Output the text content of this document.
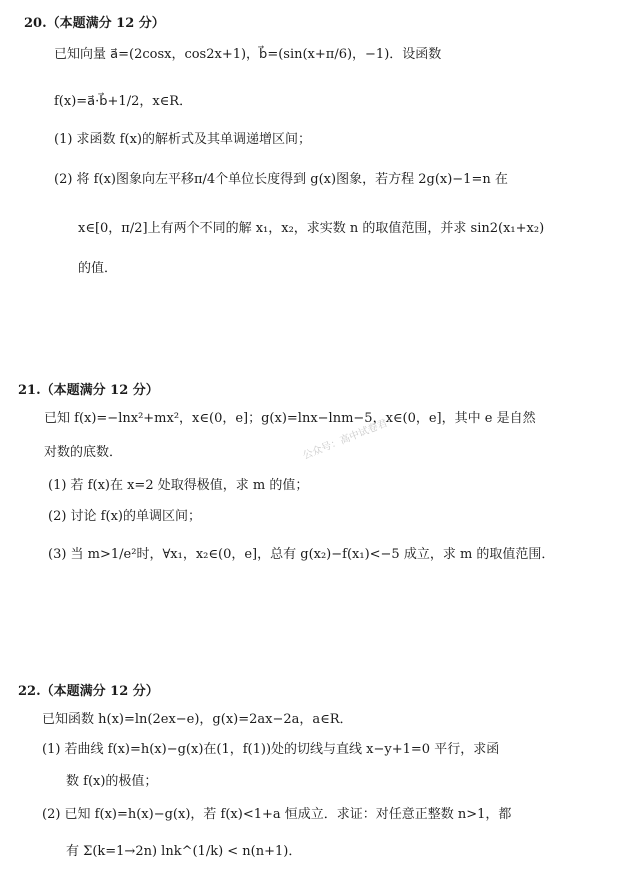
20.（本题满分 12 分）
已知向量 a⃗=(2cosx，cos2x+1)，b⃗=(sin(x+π/6)，−1)．设函数
f(x)=a⃗·b⃗+1/2，x∈R．
(1) 求函数 f(x)的解析式及其单调递增区间；
(2) 将 f(x)图象向左平移π/4个单位长度得到 g(x)图象，若方程 2g(x)−1=n 在
x∈[0，π/2]上有两个不同的解 x₁，x₂，求实数 n 的取值范围，并求 sin2(x₁+x₂)
的值．
21.（本题满分 12 分）
已知 f(x)=−lnx²+mx²，x∈(0，e]；g(x)=lnx−lnm−5，x∈(0，e]，其中 e 是自然
对数的底数．
(1) 若 f(x)在 x=2 处取得极值，求 m 的值；
(2) 讨论 f(x)的单调区间；
(3) 当 m>1/e²时，∀x₁，x₂∈(0，e]，总有 g(x₂)−f(x₁)<−5 成立，求 m 的取值范围．
公众号：高中试卷君
22.（本题满分 12 分）
已知函数 h(x)=ln(2ex−e)，g(x)=2ax−2a，a∈R．
(1) 若曲线 f(x)=h(x)−g(x)在(1，f(1))处的切线与直线 x−y+1=0 平行，求函
数 f(x)的极值；
(2) 已知 f(x)=h(x)−g(x)，若 f(x)<1+a 恒成立．求证：对任意正整数 n>1，都
有 Σ(k=1→2n) lnk^(1/k) < n(n+1)．
